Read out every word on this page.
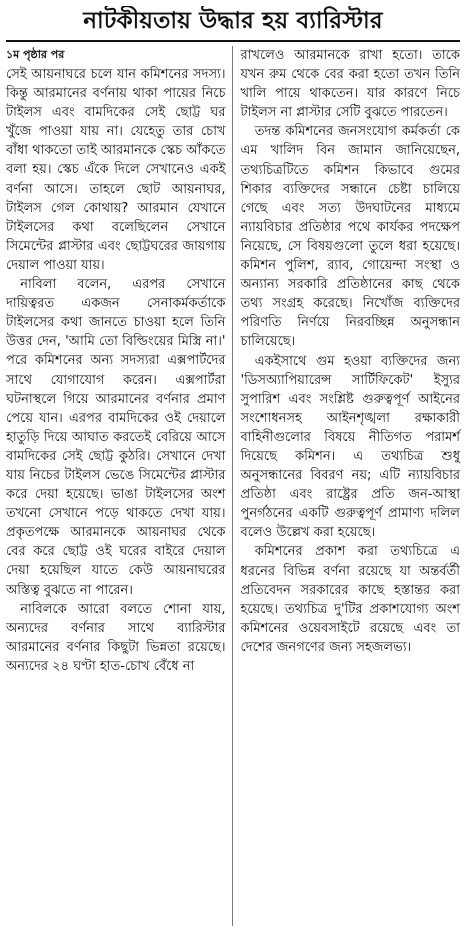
নাটকীয়তায় উদ্ধার হয় ব্যারিস্টার
১ম পৃষ্ঠার পর

সেই আয়নাঘরে চলে যান কমিশনের সদস্য। কিন্তু আরমানের বর্ণনায় থাকা পায়ের নিচে টাইলস এবং বামদিকের সেই ছোট্ট ঘর খুঁজে পাওয়া যায় না। যেহেতু তার চোখ বাঁধা থাকতো তাই আরমানকে স্কেচ আঁকতে বলা হয়। স্কেচ এঁকে দিলে সেখানেও একই বর্ণনা আসে। তাহলে ছোট আয়নাঘর, টাইলস গেল কোথায়? আরমান যেখানে টাইলসের কথা বলেছিলেন সেখানে সিমেন্টের প্লাস্টার এবং ছোট্টঘরের জায়গায় দেয়াল পাওয়া যায়।

নাবিলা বলেন, এরপর সেখানে দায়িত্বরত একজন সেনাকর্মকর্তাকে টাইলসের কথা জানতে চাওয়া হলে তিনি উত্তর দেন, 'আমি তো বিল্ডিংয়ের মিস্ত্রি না।' পরে কমিশনের অন্য সদস্যরা এক্সপার্টদের সাথে যোগাযোগ করেন। এক্সপার্টরা ঘটনাস্থলে গিয়ে আরমানের বর্ণনার প্রমাণ পেয়ে যান। এরপর বামদিকের ওই দেয়ালে হাতুড়ি দিয়ে আঘাত করতেই বেরিয়ে আসে বামদিকের সেই ছোট্ট কুঠরি। সেখানে দেখা যায় নিচের টাইলস ভেঙে সিমেন্টের প্লাস্টার করে দেয়া হয়েছে। ভাঙা টাইলসের অংশ তখনো সেখানে পড়ে থাকতে দেখা যায়। প্রকৃতপক্ষে আরমানকে আয়নাঘর থেকে বের করে ছোট্ট ওই ঘরের বাইরে দেয়াল দেয়া হয়েছিল যাতে কেউ আয়নাঘরের অস্তিত্ব বুঝতে না পারেন।

নাবিলকে আরো বলতে শোনা যায়, অন্যদের বর্ণনার সাথে ব্যারিস্টার আরমানের বর্ণনার কিছুটা ভিন্নতা রয়েছে। অন্যদের ২৪ ঘণ্টা হাত-চোখ বেঁধে না

রাখলেও আরমানকে রাখা হতো। তাকে যখন রুম থেকে বের করা হতো তখন তিনি খালি পায়ে থাকতেন। যার কারণে নিচে টাইলস না প্লাস্টার সেটি বুঝতে পারতেন।

তদন্ত কমিশনের জনসংযোগ কর্মকর্তা কে এম খালিদ বিন জামান জানিয়েছেন, তথ্যচিত্রটিতে কমিশন কিভাবে গুমের শিকার ব্যক্তিদের সন্ধানে চেষ্টা চালিয়ে গেছে এবং সত্য উদঘাটনের মাধ্যমে ন্যায়বিচার প্রতিষ্ঠার পথে কার্যকর পদক্ষেপ নিয়েছে, সে বিষয়গুলো তুলে ধরা হয়েছে। কমিশন পুলিশ, র‍্যাব, গোয়েন্দা সংস্থা ও অন্যান্য সরকারি প্রতিষ্ঠানের কাছ থেকে তথ্য সংগ্রহ করেছে। নিখোঁজ ব্যক্তিদের পরিণতি নির্ণয়ে নিরবচ্ছিন্ন অনুসন্ধান চালিয়েছে।

একইসাথে গুম হওয়া ব্যক্তিদের জন্য 'ডিসঅ্যাপিয়ারেন্স সার্টিফিকেট' ইস্যুর সুপারিশ এবং সংশ্লিষ্ট গুরুত্বপূর্ণ আইনের সংশোধনসহ আইনশৃঙ্খলা রক্ষাকারী বাহিনীগুলোর বিষয়ে নীতিগত পরামর্শ দিয়েছে কমিশন। এ তথ্যচিত্র শুধু অনুসন্ধানের বিবরণ নয়; এটি ন্যায়বিচার প্রতিষ্ঠা এবং রাষ্ট্রের প্রতি জন-আস্থা পুনর্গঠনের একটি গুরুত্বপূর্ণ প্রামাণ্য দলিল বলেও উল্লেখ করা হয়েছে।

কমিশনের প্রকাশ করা তথ্যচিত্রে এ ধরনের বিভিন্ন বর্ণনা রয়েছে যা অন্তর্বর্তী প্রতিবেদন সরকারের কাছে হস্তান্তর করা হয়েছে। তথ্যচিত্র দু'টির প্রকাশযোগ্য অংশ কমিশনের ওয়েবসাইটে রয়েছে এবং তা দেশের জনগণের জন্য সহজলভ্য।
